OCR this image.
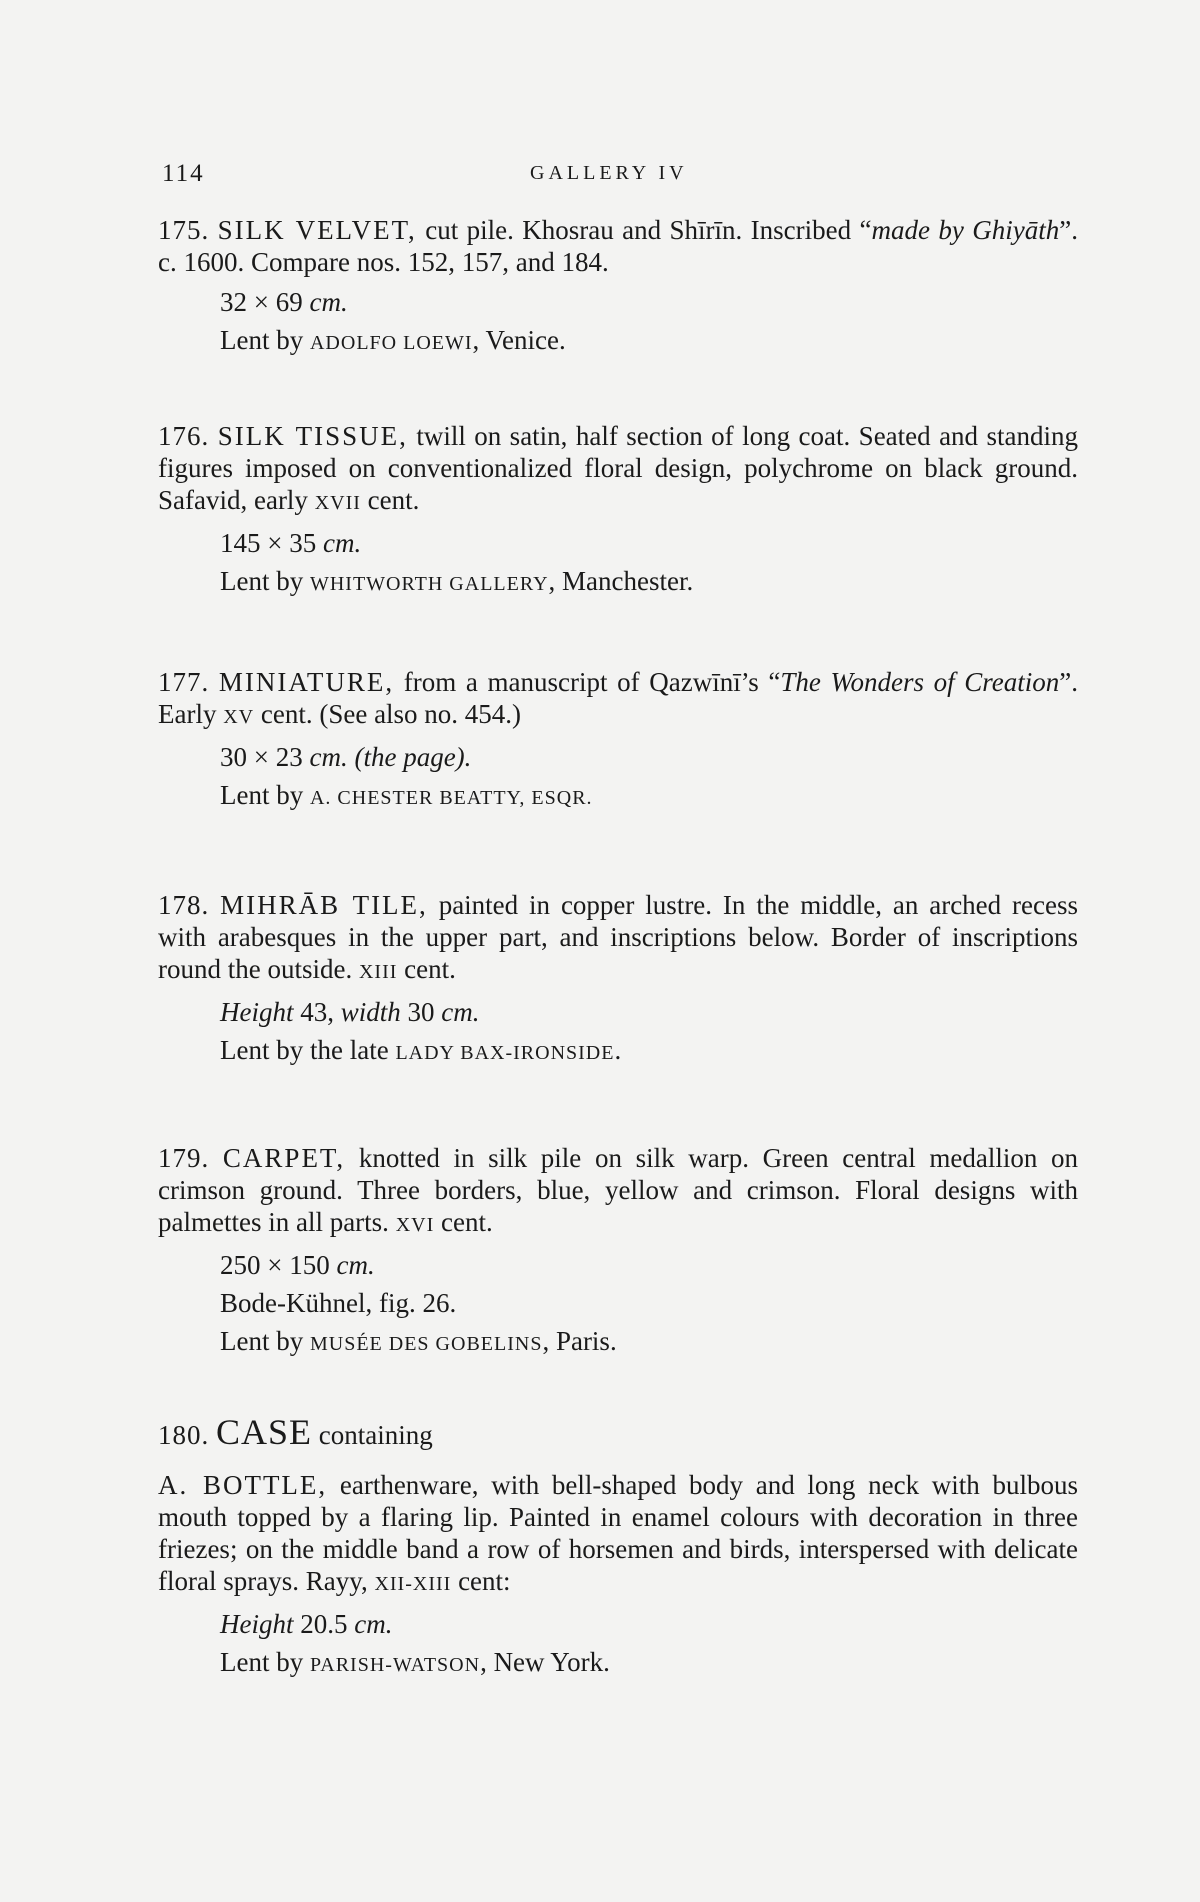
114	GALLERY IV
175. SILK VELVET, cut pile. Khosrau and Shīrīn. Inscribed “made by Ghiyāth”. c. 1600. Compare nos. 152, 157, and 184.
32 × 69 cm.
Lent by ADOLFO LOEWI, Venice.
176. SILK TISSUE, twill on satin, half section of long coat. Seated and standing figures imposed on conventionalized floral design, polychrome on black ground. Safavid, early XVII cent.
145 × 35 cm.
Lent by WHITWORTH GALLERY, Manchester.
177. MINIATURE, from a manuscript of Qazwīnī’s “The Wonders of Creation”. Early XV cent. (See also no. 454.)
30 × 23 cm. (the page).
Lent by A. CHESTER BEATTY, ESQR.
178. MIHRĀB TILE, painted in copper lustre. In the middle, an arched recess with arabesques in the upper part, and inscriptions below. Border of inscriptions round the outside. XIII cent.
Height 43, width 30 cm.
Lent by the late LADY BAX-IRONSIDE.
179. CARPET, knotted in silk pile on silk warp. Green central medallion on crimson ground. Three borders, blue, yellow and crimson. Floral designs with palmettes in all parts. XVI cent.
250 × 150 cm.
Bode-Kühnel, fig. 26.
Lent by MUSÉE DES GOBELINS, Paris.
180. CASE containing
A. BOTTLE, earthenware, with bell-shaped body and long neck with bulbous mouth topped by a flaring lip. Painted in enamel colours with decoration in three friezes; on the middle band a row of horsemen and birds, interspersed with delicate floral sprays. Rayy, XII-XIII cent:
Height 20.5 cm.
Lent by PARISH-WATSON, New York.
